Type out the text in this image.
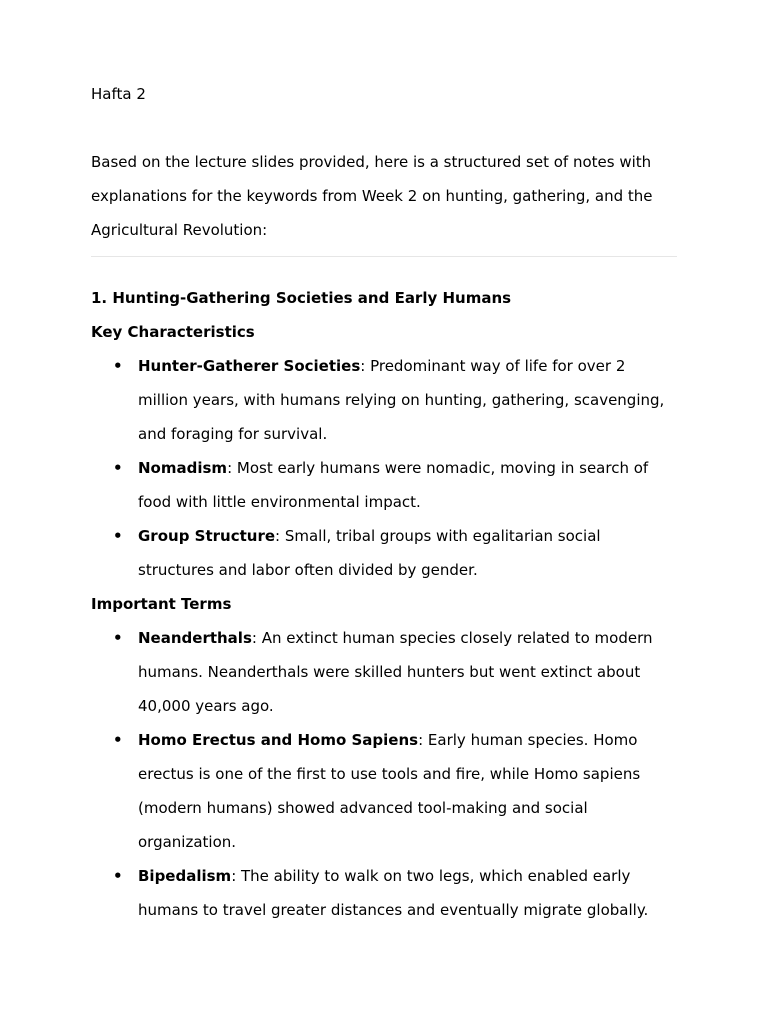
Hafta 2

Based on the lecture slides provided, here is a structured set of notes with explanations for the keywords from Week 2 on hunting, gathering, and the Agricultural Revolution:

1. Hunting-Gathering Societies and Early Humans
Key Characteristics
• Hunter-Gatherer Societies: Predominant way of life for over 2 million years, with humans relying on hunting, gathering, scavenging, and foraging for survival.
• Nomadism: Most early humans were nomadic, moving in search of food with little environmental impact.
• Group Structure: Small, tribal groups with egalitarian social structures and labor often divided by gender.
Important Terms
• Neanderthals: An extinct human species closely related to modern humans. Neanderthals were skilled hunters but went extinct about 40,000 years ago.
• Homo Erectus and Homo Sapiens: Early human species. Homo erectus is one of the first to use tools and fire, while Homo sapiens (modern humans) showed advanced tool-making and social organization.
• Bipedalism: The ability to walk on two legs, which enabled early humans to travel greater distances and eventually migrate globally.
